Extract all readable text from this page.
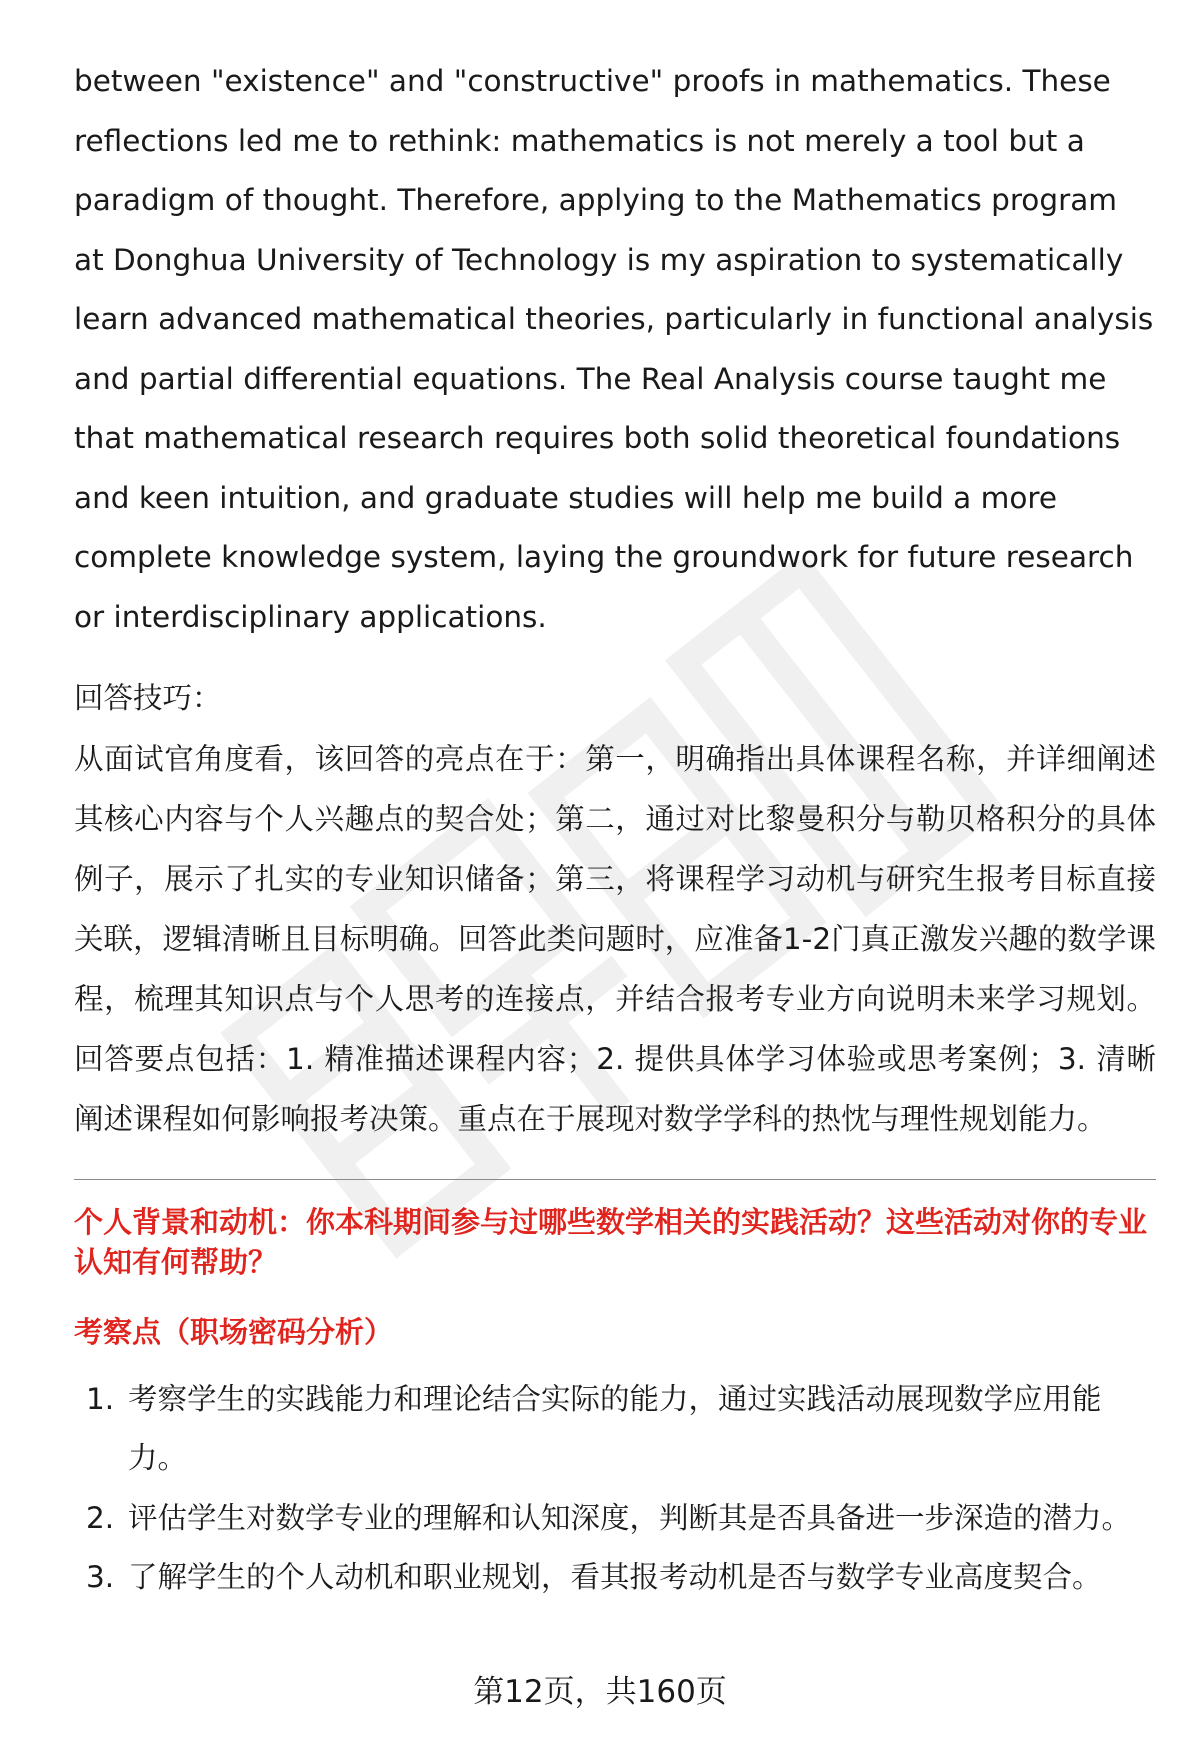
between "existence" and "constructive" proofs in mathematics. These reflections led me to rethink: mathematics is not merely a tool but a paradigm of thought. Therefore, applying to the Mathematics program at Donghua University of Technology is my aspiration to systematically learn advanced mathematical theories, particularly in functional analysis and partial differential equations. The Real Analysis course taught me that mathematical research requires both solid theoretical foundations and keen intuition, and graduate studies will help me build a more complete knowledge system, laying the groundwork for future research or interdisciplinary applications.

回答技巧：

从面试官角度看，该回答的亮点在于：第一，明确指出具体课程名称，并详细阐述其核心内容与个人兴趣点的契合处；第二，通过对比黎曼积分与勒贝格积分的具体例子，展示了扎实的专业知识储备；第三，将课程学习动机与研究生报考目标直接关联，逻辑清晰且目标明确。回答此类问题时，应准备1-2门真正激发兴趣的数学课程，梳理其知识点与个人思考的连接点，并结合报考专业方向说明未来学习规划。回答要点包括：1. 精准描述课程内容；2. 提供具体学习体验或思考案例；3. 清晰阐述课程如何影响报考决策。重点在于展现对数学学科的热忱与理性规划能力。

个人背景和动机：你本科期间参与过哪些数学相关的实践活动？这些活动对你的专业认知有何帮助？

考察点（职场密码分析）

1. 考察学生的实践能力和理论结合实际的能力，通过实践活动展现数学应用能力。
2. 评估学生对数学专业的理解和认知深度，判断其是否具备进一步深造的潜力。
3. 了解学生的个人动机和职业规划，看其报考动机是否与数学专业高度契合。
第12页，共160页
